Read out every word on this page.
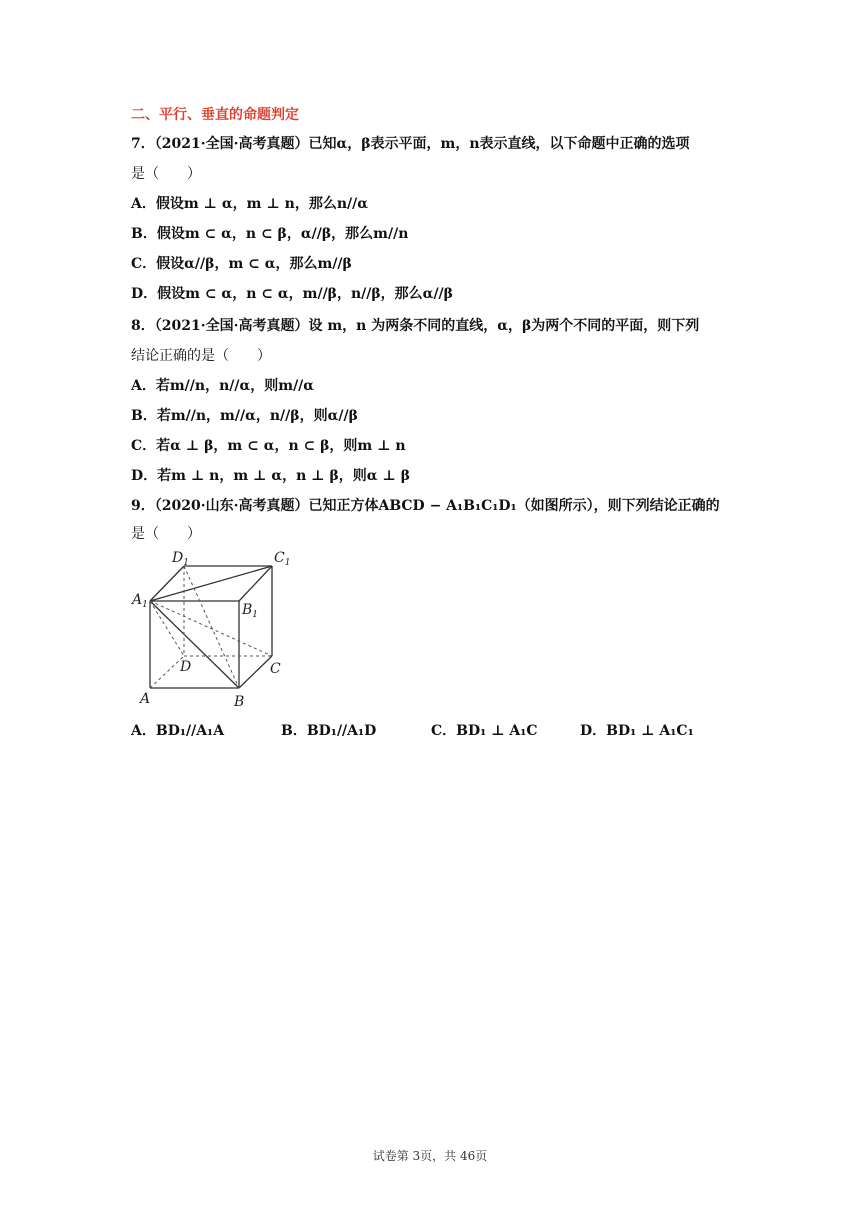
二、平行、垂直的命题判定
7．（2021·全国·高考真题）已知α，β表示平面，m，n表示直线，以下命题中正确的选项
是（　　）
A．假设m ⊥ α，m ⊥ n，那么n//α
B．假设m ⊂ α，n ⊂ β，α//β，那么m//n
C．假设α//β，m ⊂ α，那么m//β
D．假设m ⊂ α，n ⊂ α，m//β，n//β，那么α//β
8．（2021·全国·高考真题）设 m，n 为两条不同的直线，α，β为两个不同的平面，则下列
结论正确的是（　　）
A．若m//n，n//α，则m//α
B．若m//n，m//α，n//β，则α//β
C．若α ⊥ β，m ⊂ α，n ⊂ β，则m ⊥ n
D．若m ⊥ n，m ⊥ α，n ⊥ β，则α ⊥ β
9．（2020·山东·高考真题）已知正方体ABCD − A₁B₁C₁D₁（如图所示），则下列结论正确的
是（　　）
$D_1$	$C_1$
$A_1$	$B_1$
D	C
A	B
A．BD₁//A₁A	B．BD₁//A₁D	C．BD₁ ⊥ A₁C	D．BD₁ ⊥ A₁C₁
试卷第 3页，共 46页
